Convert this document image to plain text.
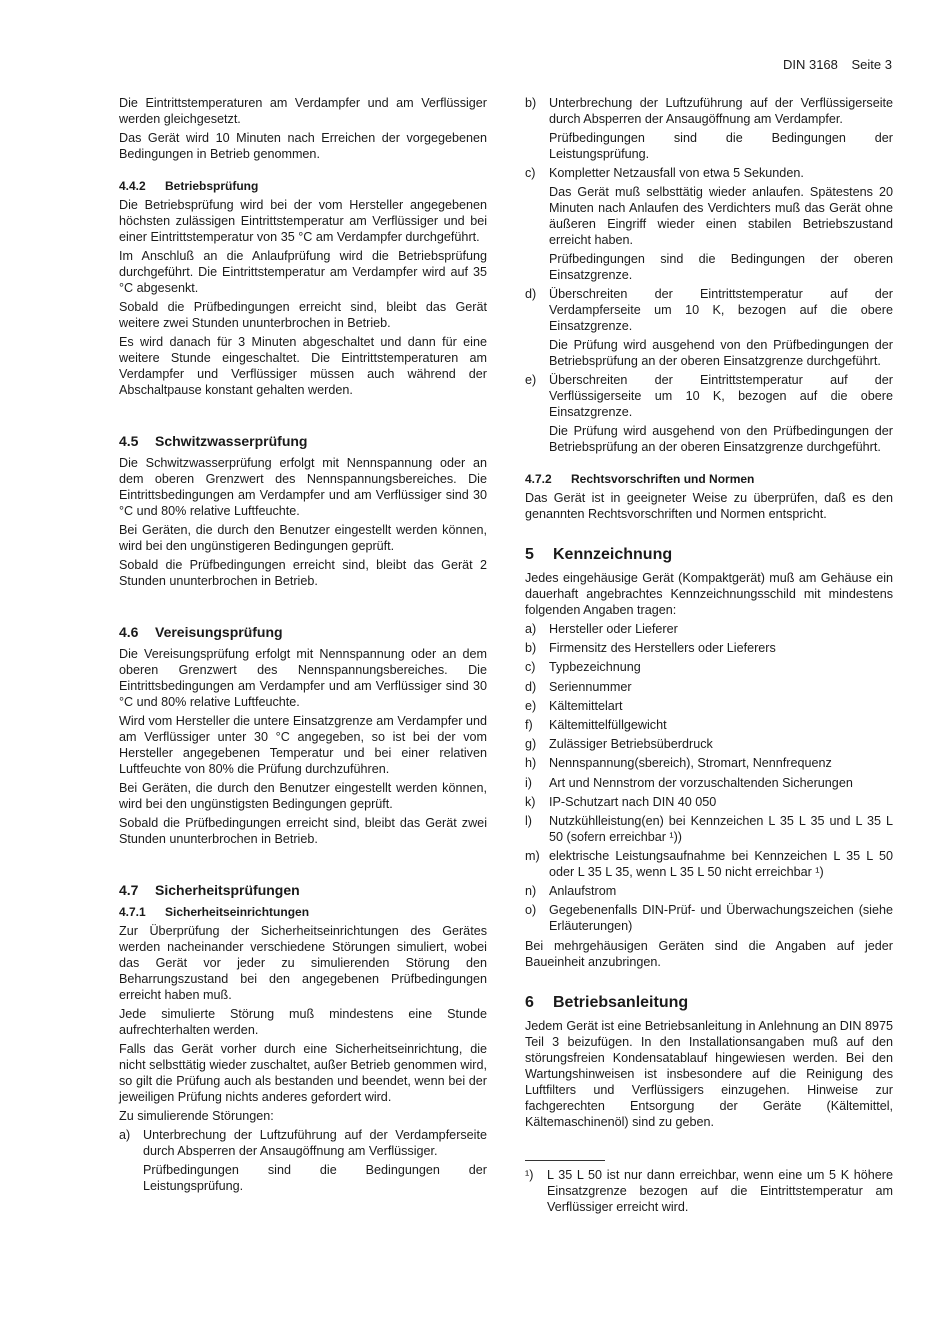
DIN 3168 Seite 3

Die Eintrittstemperaturen am Verdampfer und am Verflüssiger werden gleichgesetzt.

Das Gerät wird 10 Minuten nach Erreichen der vorgegebenen Bedingungen in Betrieb genommen.

4.4.2 Betriebsprüfung

Die Betriebsprüfung wird bei der vom Hersteller angegebenen höchsten zulässigen Eintrittstemperatur am Verflüssiger und bei einer Eintrittstemperatur von 35 °C am Verdampfer durchgeführt.

Im Anschluß an die Anlaufprüfung wird die Betriebsprüfung durchgeführt. Die Eintrittstemperatur am Verdampfer wird auf 35 °C abgesenkt.

Sobald die Prüfbedingungen erreicht sind, bleibt das Gerät weitere zwei Stunden ununterbrochen in Betrieb.

Es wird danach für 3 Minuten abgeschaltet und dann für eine weitere Stunde eingeschaltet. Die Eintrittstemperaturen am Verdampfer und Verflüssiger müssen auch während der Abschaltpause konstant gehalten werden.

4.5 Schwitzwasserprüfung

Die Schwitzwasserprüfung erfolgt mit Nennspannung oder an dem oberen Grenzwert des Nennspannungsbereiches. Die Eintrittsbedingungen am Verdampfer und am Verflüssiger sind 30 °C und 80% relative Luftfeuchte.

Bei Geräten, die durch den Benutzer eingestellt werden können, wird bei den ungünstigeren Bedingungen geprüft.

Sobald die Prüfbedingungen erreicht sind, bleibt das Gerät 2 Stunden ununterbrochen in Betrieb.

4.6 Vereisungsprüfung

Die Vereisungsprüfung erfolgt mit Nennspannung oder an dem oberen Grenzwert des Nennspannungsbereiches. Die Eintrittsbedingungen am Verdampfer und am Verflüssiger sind 30 °C und 80% relative Luftfeuchte.

Wird vom Hersteller die untere Einsatzgrenze am Verdampfer und am Verflüssiger unter 30 °C angegeben, so ist bei der vom Hersteller angegebenen Temperatur und bei einer relativen Luftfeuchte von 80% die Prüfung durchzuführen.

Bei Geräten, die durch den Benutzer eingestellt werden können, wird bei den ungünstigsten Bedingungen geprüft.

Sobald die Prüfbedingungen erreicht sind, bleibt das Gerät zwei Stunden ununterbrochen in Betrieb.

4.7 Sicherheitsprüfungen
4.7.1 Sicherheitseinrichtungen

Zur Überprüfung der Sicherheitseinrichtungen des Gerätes werden nacheinander verschiedene Störungen simuliert, wobei das Gerät vor jeder zu simulierenden Störung den Beharrungszustand bei den angegebenen Prüfbedingungen erreicht haben muß.

Jede simulierte Störung muß mindestens eine Stunde aufrechterhalten werden.

Falls das Gerät vorher durch eine Sicherheitseinrichtung, die nicht selbsttätig wieder zuschaltet, außer Betrieb genommen wird, so gilt die Prüfung auch als bestanden und beendet, wenn bei der jeweiligen Prüfung nichts anderes gefordert wird.

Zu simulierende Störungen:

a) Unterbrechung der Luftzuführung auf der Verdampferseite durch Absperren der Ansaugöffnung am Verflüssiger.

Prüfbedingungen sind die Bedingungen der Leistungsprüfung.

b) Unterbrechung der Luftzuführung auf der Verflüssigerseite durch Absperren der Ansaugöffnung am Verdampfer.

Prüfbedingungen sind die Bedingungen der Leistungsprüfung.

c) Kompletter Netzausfall von etwa 5 Sekunden.

Das Gerät muß selbsttätig wieder anlaufen. Spätestens 20 Minuten nach Anlaufen des Verdichters muß das Gerät ohne äußeren Eingriff wieder einen stabilen Betriebszustand erreicht haben.

Prüfbedingungen sind die Bedingungen der oberen Einsatzgrenze.

d) Überschreiten der Eintrittstemperatur auf der Verdampferseite um 10 K, bezogen auf die obere Einsatzgrenze.

Die Prüfung wird ausgehend von den Prüfbedingungen der Betriebsprüfung an der oberen Einsatzgrenze durchgeführt.

e) Überschreiten der Eintrittstemperatur auf der Verflüssigerseite um 10 K, bezogen auf die obere Einsatzgrenze.

Die Prüfung wird ausgehend von den Prüfbedingungen der Betriebsprüfung an der oberen Einsatzgrenze durchgeführt.

4.7.2 Rechtsvorschriften und Normen

Das Gerät ist in geeigneter Weise zu überprüfen, daß es den genannten Rechtsvorschriften und Normen entspricht.

5 Kennzeichnung

Jedes eingehäusige Gerät (Kompaktgerät) muß am Gehäuse ein dauerhaft angebrachtes Kennzeichnungsschild mit mindestens folgenden Angaben tragen:

a) Hersteller oder Lieferer
b) Firmensitz des Herstellers oder Lieferers
c) Typbezeichnung
d) Seriennummer
e) Kältemittelart
f) Kältemittelfüllgewicht
g) Zulässiger Betriebsüberdruck
h) Nennspannung(sbereich), Stromart, Nennfrequenz
i) Art und Nennstrom der vorzuschaltenden Sicherungen
k) IP-Schutzart nach DIN 40 050
l) Nutzkühlleistung(en) bei Kennzeichen L 35 L 35 und L 35 L 50 (sofern erreichbar ¹))
m) elektrische Leistungsaufnahme bei Kennzeichen L 35 L 50 oder L 35 L 35, wenn L 35 L 50 nicht erreichbar ¹)
n) Anlaufstrom
o) Gegebenenfalls DIN-Prüf- und Überwachungszeichen (siehe Erläuterungen)

Bei mehrgehäusigen Geräten sind die Angaben auf jeder Baueinheit anzubringen.

6 Betriebsanleitung

Jedem Gerät ist eine Betriebsanleitung in Anlehnung an DIN 8975 Teil 3 beizufügen. In den Installationsangaben muß auf den störungsfreien Kondensatablauf hingewiesen werden. Bei den Wartungshinweisen ist insbesondere auf die Reinigung des Luftfilters und Verflüssigers einzugehen. Hinweise zur fachgerechten Entsorgung der Geräte (Kältemittel, Kältemaschinenöl) sind zu geben.

¹) L 35 L 50 ist nur dann erreichbar, wenn eine um 5 K höhere Einsatzgrenze bezogen auf die Eintrittstemperatur am Verflüssiger erreicht wird.
